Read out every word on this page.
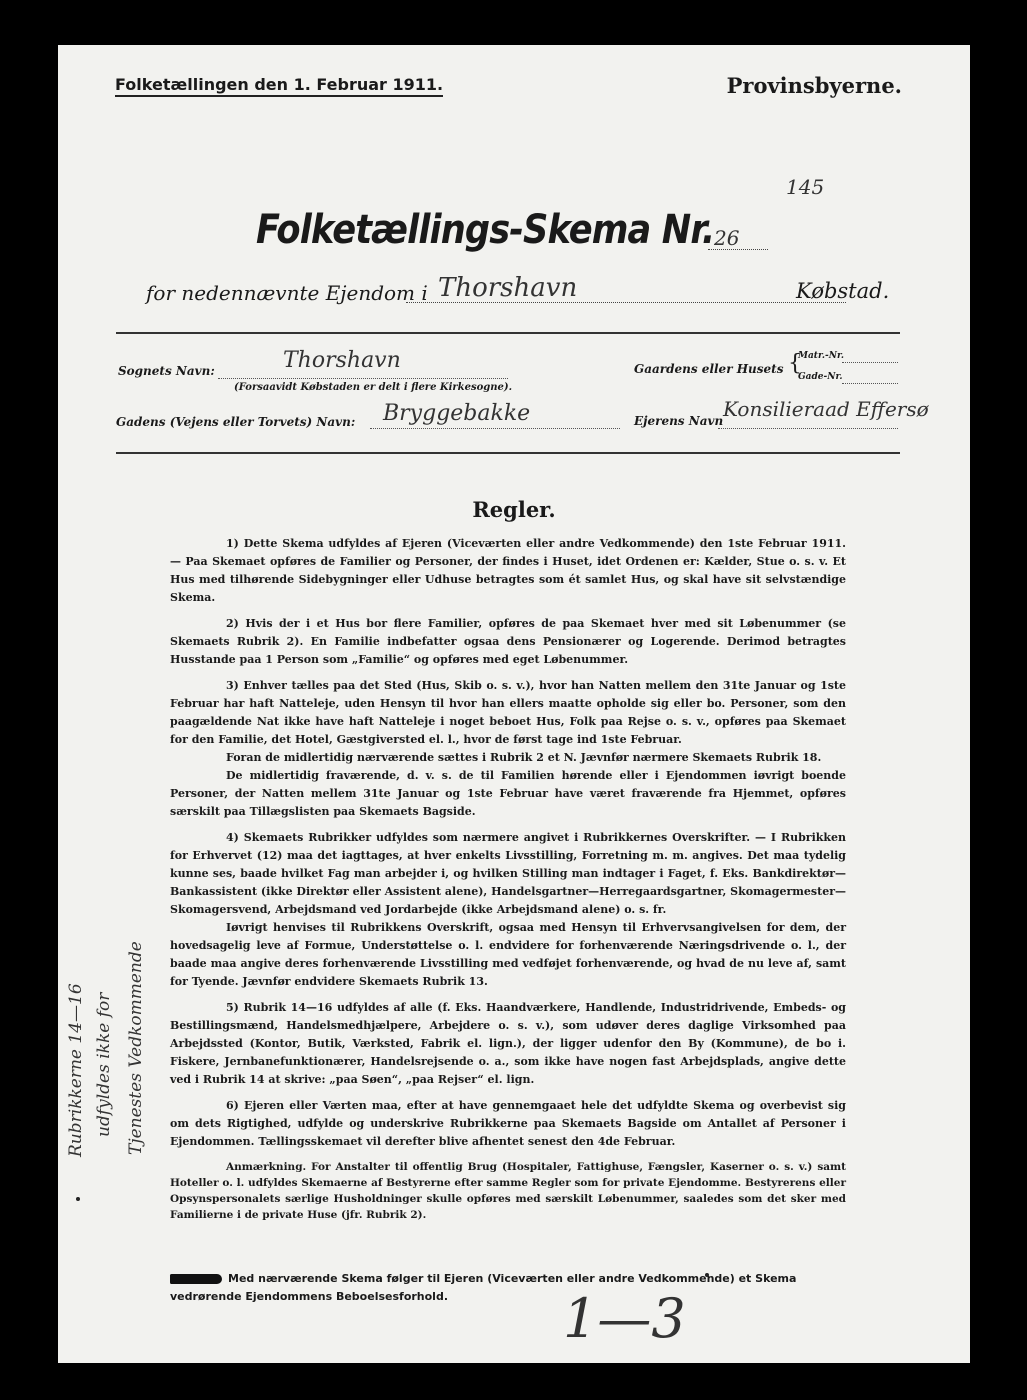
Folketællingen den 1. Februar 1911.	Provinsbyerne.
145
Folketællings-Skema Nr. 26
for nedennævnte Ejendom i Thorshavn	Købstad.
Sognets Navn:	Thorshavn
(Forsaavidt Købstaden er delt i flere Kirkesogne).
Gaardens eller Husets {
Matr.-Nr.
Gade-Nr.
Gadens (Vejens eller Torvets) Navn: Bryggebakke	Ejerens Navn Konsilieraad Effersø
Regler.

1) Dette Skema udfyldes af Ejeren (Viceværten eller andre Vedkommende) den 1ste Februar 1911. — Paa Skemaet opføres de Familier og Personer, der findes i Huset, idet Ordenen er: Kælder, Stue o. s. v. Et Hus med tilhørende Sidebygninger eller Udhuse betragtes som ét samlet Hus, og skal have sit selvstændige Skema.

2) Hvis der i et Hus bor flere Familier, opføres de paa Skemaet hver med sit Løbenummer (se Skemaets Rubrik 2). En Familie indbefatter ogsaa dens Pensionærer og Logerende. Derimod betragtes Husstande paa 1 Person som „Familie“ og opføres med eget Løbenummer.

3) Enhver tælles paa det Sted (Hus, Skib o. s. v.), hvor han Natten mellem den 31te Januar og 1ste Februar har haft Natteleje, uden Hensyn til hvor han ellers maatte opholde sig eller bo. Personer, som den paagældende Nat ikke have haft Natteleje i noget beboet Hus, Folk paa Rejse o. s. v., opføres paa Skemaet for den Familie, det Hotel, Gæstgiversted el. l., hvor de først tage ind 1ste Februar.

Foran de midlertidig nærværende sættes i Rubrik 2 et N. Jævnfør nærmere Skemaets Rubrik 18.

De midlertidig fraværende, d. v. s. de til Familien hørende eller i Ejendommen iøvrigt boende Personer, der Natten mellem 31te Januar og 1ste Februar have været fraværende fra Hjemmet, opføres særskilt paa Tillægslisten paa Skemaets Bagside.

4) Skemaets Rubrikker udfyldes som nærmere angivet i Rubrikkernes Overskrifter. — I Rubrikken for Erhvervet (12) maa det iagttages, at hver enkelts Livsstilling, Forretning m. m. angives. Det maa tydelig kunne ses, baade hvilket Fag man arbejder i, og hvilken Stilling man indtager i Faget, f. Eks. Bankdirektør—Bankassistent (ikke Direktør eller Assistent alene), Handelsgartner—Herregaardsgartner, Skomagermester—Skomagersvend, Arbejdsmand ved Jordarbejde (ikke Arbejdsmand alene) o. s. fr.

Iøvrigt henvises til Rubrikkens Overskrift, ogsaa med Hensyn til Erhvervsangivelsen for dem, der hovedsagelig leve af Formue, Understøttelse o. l. endvidere for forhenværende Næringsdrivende o. l., der baade maa angive deres forhenværende Livsstilling med vedføjet forhenværende, og hvad de nu leve af, samt for Tyende. Jævnfør endvidere Skemaets Rubrik 13.

5) Rubrik 14—16 udfyldes af alle (f. Eks. Haandværkere, Handlende, Industridrivende, Embeds- og Bestillingsmænd, Handelsmedhjælpere, Arbejdere o. s. v.), som udøver deres daglige Virksomhed paa Arbejdssted (Kontor, Butik, Værksted, Fabrik el. lign.), der ligger udenfor den By (Kommune), de bo i. Fiskere, Jernbanefunktionærer, Handelsrejsende o. a., som ikke have nogen fast Arbejdsplads, angive dette ved i Rubrik 14 at skrive: „paa Søen“, „paa Rejser“ el. lign.

6) Ejeren eller Værten maa, efter at have gennemgaaet hele det udfyldte Skema og overbevist sig om dets Rigtighed, udfylde og underskrive Rubrikkerne paa Skemaets Bagside om Antallet af Personer i Ejendommen. Tællingsskemaet vil derefter blive afhentet senest den 4de Februar.

Anmærkning. For Anstalter til offentlig Brug (Hospitaler, Fattighuse, Fængsler, Kaserner o. s. v.) samt Hoteller o. l. udfyldes Skemaerne af Bestyrerne efter samme Regler som for private Ejendomme. Bestyrerens eller Opsynspersonalets særlige Husholdninger skulle opføres med særskilt Løbenummer, saaledes som det sker med Familierne i de private Huse (jfr. Rubrik 2).

Rubrikkerne 14—16 udfyldes ikke for Tjenestes Vedkommende
Med nærværende Skema følger til Ejeren (Viceværten eller andre Vedkommende) et Skema vedrørende Ejendommens Beboelsesforhold.	1—3
